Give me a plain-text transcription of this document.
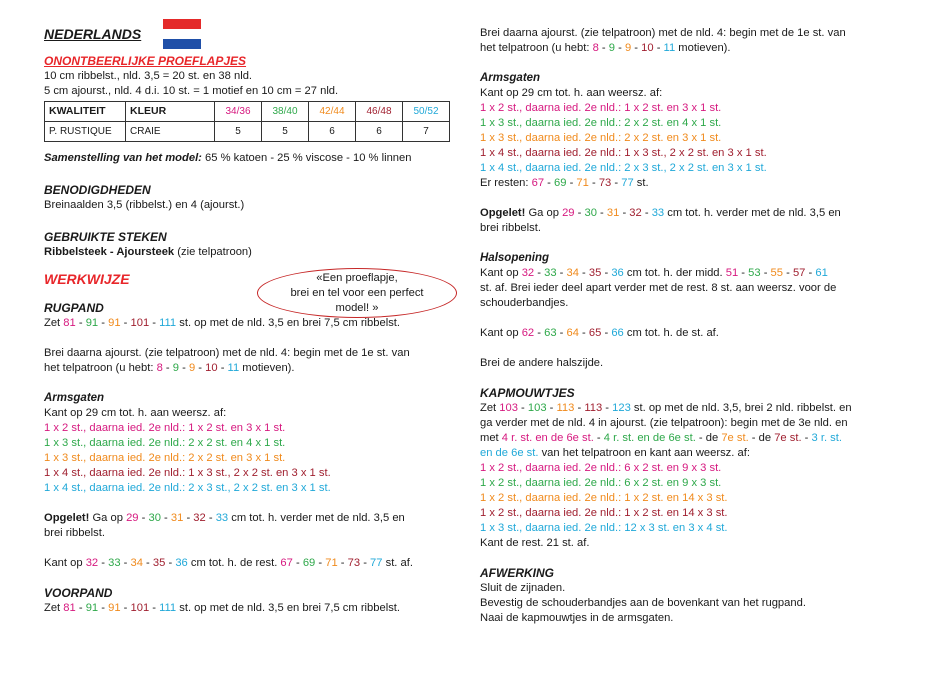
NEDERLANDS

ONONTBEERLIJKE PROEFLAPJES

10 cm ribbelst., nld. 3,5 = 20 st. en 38 nld.

5 cm ajourst., nld. 4 d.i. 10 st. = 1 motief en 10 cm = 27 nld.

KWALITEIT	KLEUR	34/36	38/40	42/44	46/48	50/52
P. RUSTIQUE	CRAIE	5	5	6	6	7

Samenstelling van het model: 65 % katoen - 25 % viscose - 10 % linnen

BENODIGDHEDEN

Breinaalden 3,5 (ribbelst.) en 4 (ajourst.)

GEBRUIKTE STEKEN

Ribbelsteek - Ajoursteek (zie telpatroon)

WERKWIJZE

RUGPAND

Zet 81 - 91 - 91 - 101 - 111 st. op met de nld. 3,5 en brei 7,5 cm ribbelst.

Brei daarna ajourst. (zie telpatroon) met de nld. 4: begin met de 1e st. van

het telpatroon (u hebt: 8 - 9 - 9 - 10 - 11 motieven).

Armsgaten

Kant op 29 cm tot. h. aan weersz. af:

1 x 2 st., daarna ied. 2e nld.: 1 x 2 st. en 3 x 1 st.

1 x 3 st., daarna ied. 2e nld.: 2 x 2 st. en 4 x 1 st.

1 x 3 st., daarna ied. 2e nld.: 2 x 2 st. en 3 x 1 st.

1 x 4 st., daarna ied. 2e nld.: 1 x 3 st., 2 x 2 st. en 3 x 1 st.

1 x 4 st., daarna ied. 2e nld.: 2 x 3 st., 2 x 2 st. en 3 x 1 st.

Opgelet! Ga op 29 - 30 - 31 - 32 - 33 cm tot. h. verder met de nld. 3,5 en

brei ribbelst.

Kant op 32 - 33 - 34 - 35 - 36 cm tot. h. de rest. 67 - 69 - 71 - 73 - 77 st. af.

VOORPAND

Zet 81 - 91 - 91 - 101 - 111 st. op met de nld. 3,5 en brei 7,5 cm ribbelst.

«Een proeflapje,
brei en tel voor een perfect
model! »

Brei daarna ajourst. (zie telpatroon) met de nld. 4: begin met de 1e st. van

het telpatroon (u hebt: 8 - 9 - 9 - 10 - 11 motieven).

Armsgaten

Kant op 29 cm tot. h. aan weersz. af:

1 x 2 st., daarna ied. 2e nld.: 1 x 2 st. en 3 x 1 st.

1 x 3 st., daarna ied. 2e nld.: 2 x 2 st. en 4 x 1 st.

1 x 3 st., daarna ied. 2e nld.: 2 x 2 st. en 3 x 1 st.

1 x 4 st., daarna ied. 2e nld.: 1 x 3 st., 2 x 2 st. en 3 x 1 st.

1 x 4 st., daarna ied. 2e nld.: 2 x 3 st., 2 x 2 st. en 3 x 1 st.

Er resten: 67 - 69 - 71 - 73 - 77 st.

Opgelet! Ga op 29 - 30 - 31 - 32 - 33 cm tot. h. verder met de nld. 3,5 en

brei ribbelst.

Halsopening

Kant op 32 - 33 - 34 - 35 - 36 cm tot. h. der midd. 51 - 53 - 55 - 57 - 61

st. af. Brei ieder deel apart verder met de rest. 8 st. aan weersz. voor de

schouderbandjes.

Kant op 62 - 63 - 64 - 65 - 66 cm tot. h. de st. af.

Brei de andere halszijde.

KAPMOUWTJES

Zet 103 - 103 - 113 - 113 - 123 st. op met de nld. 3,5, brei 2 nld. ribbelst. en

ga verder met de nld. 4 in ajourst. (zie telpatroon): begin met de 3e nld. en

met 4 r. st. en de 6e st. - 4 r. st. en de 6e st. - de 7e st. - de 7e st. - 3 r. st.

en de 6e st. van het telpatroon en kant aan weersz. af:

1 x 2 st., daarna ied. 2e nld.: 6 x 2 st. en 9 x 3 st.

1 x 2 st., daarna ied. 2e nld.: 6 x 2 st. en 9 x 3 st.

1 x 2 st., daarna ied. 2e nld.: 1 x 2 st. en 14 x 3 st.

1 x 2 st., daarna ied. 2e nld.: 1 x 2 st. en 14 x 3 st.

1 x 3 st., daarna ied. 2e nld.: 12 x 3 st. en 3 x 4 st.

Kant de rest. 21 st. af.

AFWERKING

Sluit de zijnaden.

Bevestig de schouderbandjes aan de bovenkant van het rugpand.

Naai de kapmouwtjes in de armsgaten.
